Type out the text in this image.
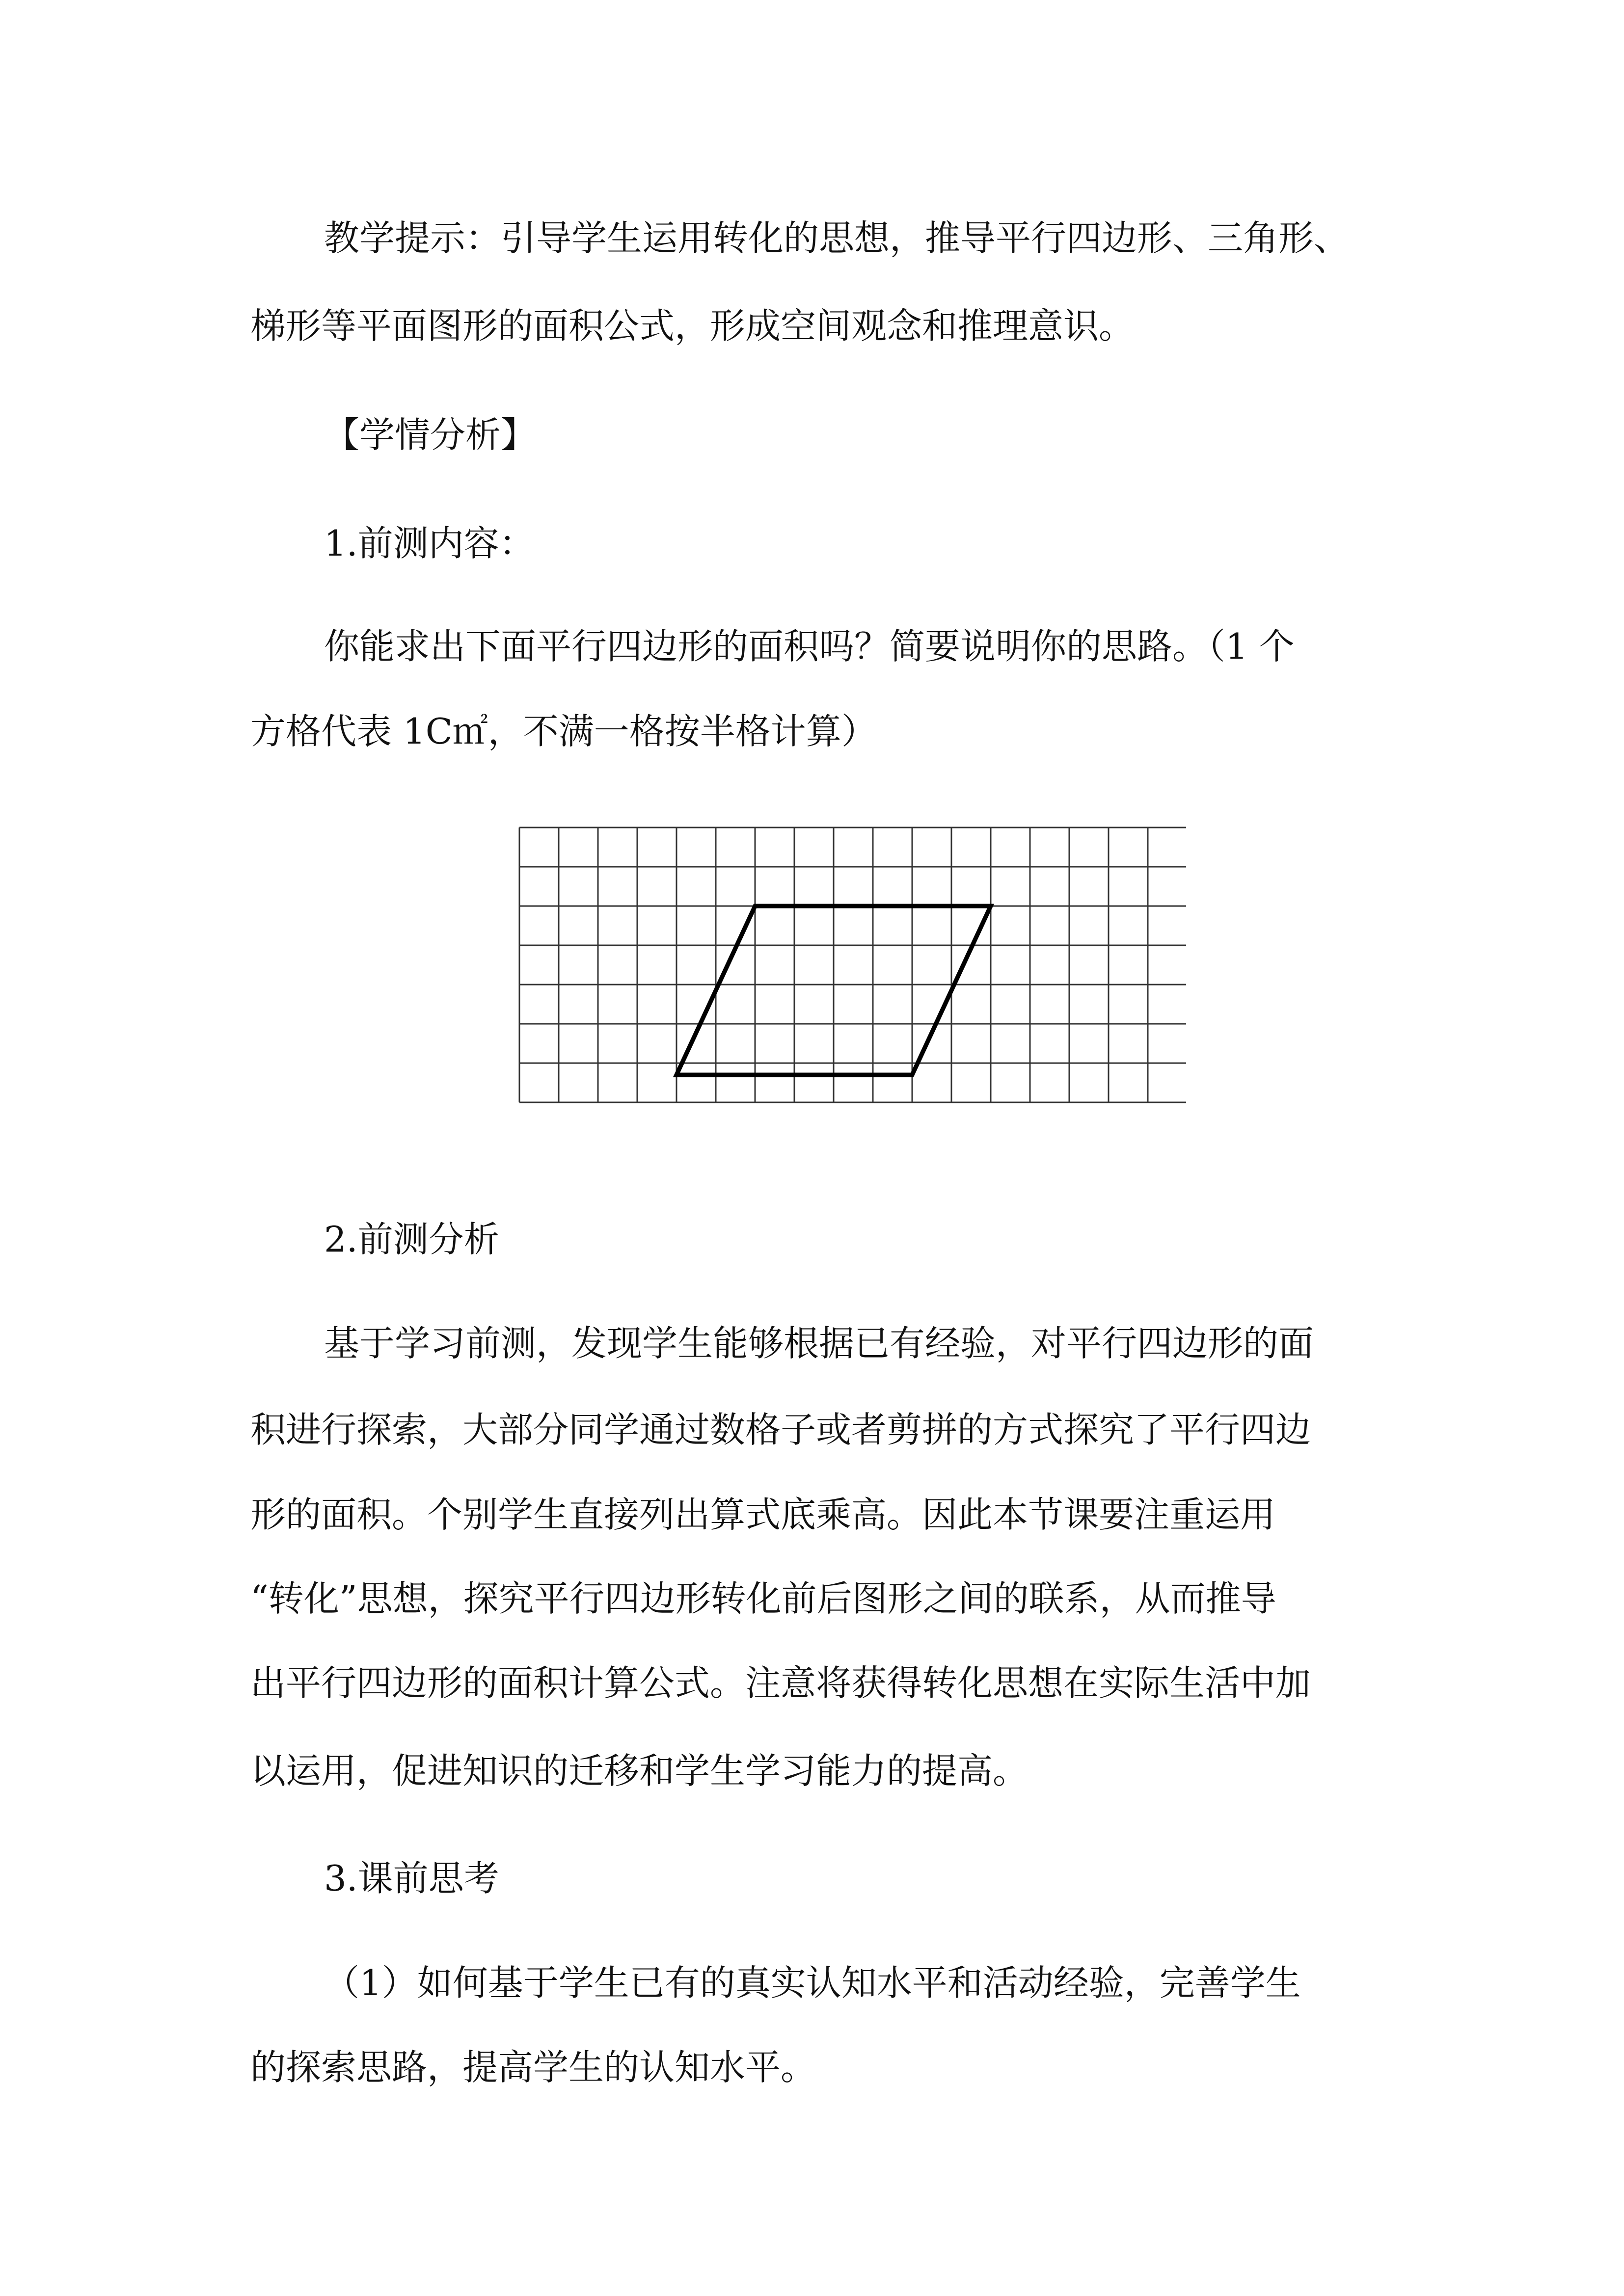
教学提示：引导学生运用转化的思想，推导平行四边形、三角形、
梯形等平面图形的面积公式，形成空间观念和推理意识。
【学情分析】
1.前测内容：
你能求出下面平行四边形的面积吗？简要说明你的思路。（1 个
方格代表 1C㎡，不满一格按半格计算）
2.前测分析
基于学习前测，发现学生能够根据已有经验，对平行四边形的面
积进行探索，大部分同学通过数格子或者剪拼的方式探究了平行四边
形的面积。个别学生直接列出算式底乘高。因此本节课要注重运用
“转化”思想，探究平行四边形转化前后图形之间的联系，从而推导
出平行四边形的面积计算公式。注意将获得转化思想在实际生活中加
以运用，促进知识的迁移和学生学习能力的提高。
3.课前思考
（1）如何基于学生已有的真实认知水平和活动经验，完善学生
的探索思路，提高学生的认知水平。
